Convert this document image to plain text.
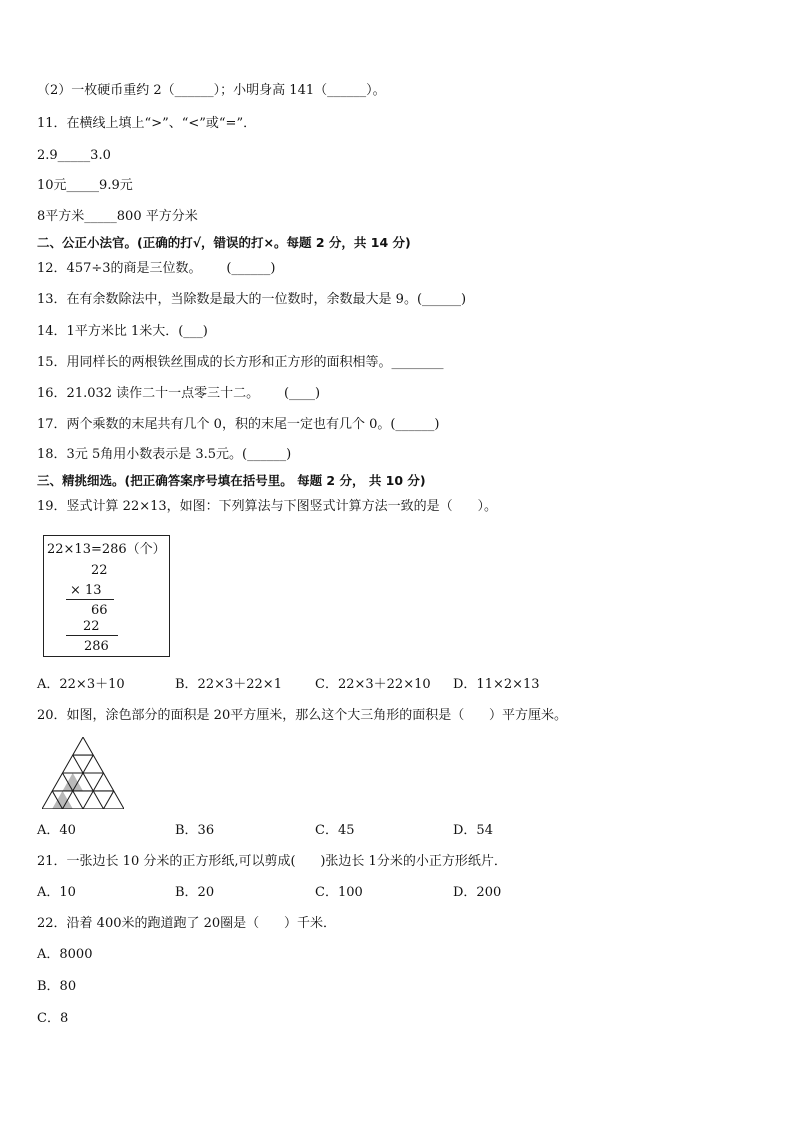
（2）一枚硬币重约 2（______）；小明身高 141（______）。
11．在横线上填上“>”、“<”或“=”．
2.9_____3.0
10元_____9.9元
8平方米_____800 平方分米
二、公正小法官。(正确的打√，错误的打×。每题 2 分，共 14 分)
12．457÷3的商是三位数。      (______)
13．在有余数除法中，当除数是最大的一位数时，余数最大是 9。(______)
14．1平方米比 1米大．(___)
15．用同样长的两根铁丝围成的长方形和正方形的面积相等。________
16．21.032 读作二十一点零三十二。      (____)
17．两个乘数的末尾共有几个 0，积的末尾一定也有几个 0。(______)
18．3元 5角用小数表示是 3.5元。(______)
三、精挑细选。(把正确答案序号填在括号里。 每题 2 分， 共 10 分)
19．竖式计算 22×13，如图：下列算法与下图竖式计算方法一致的是（      ）。
22×13=286（个）
22
× 13
66
22
286
A．22×3＋10	B．22×3＋22×1	C．22×3＋22×10 D．11×2×13
20．如图，涂色部分的面积是 20平方厘米，那么这个大三角形的面积是（      ）平方厘米。
A．40	B．36	C．45	D．54
21．一张边长 10 分米的正方形纸,可以剪成(      )张边长 1分米的小正方形纸片．
A．10	B．20	C．100	D．200
22．沿着 400米的跑道跑了 20圈是（      ）千米．
A．8000
B．80
C．8
